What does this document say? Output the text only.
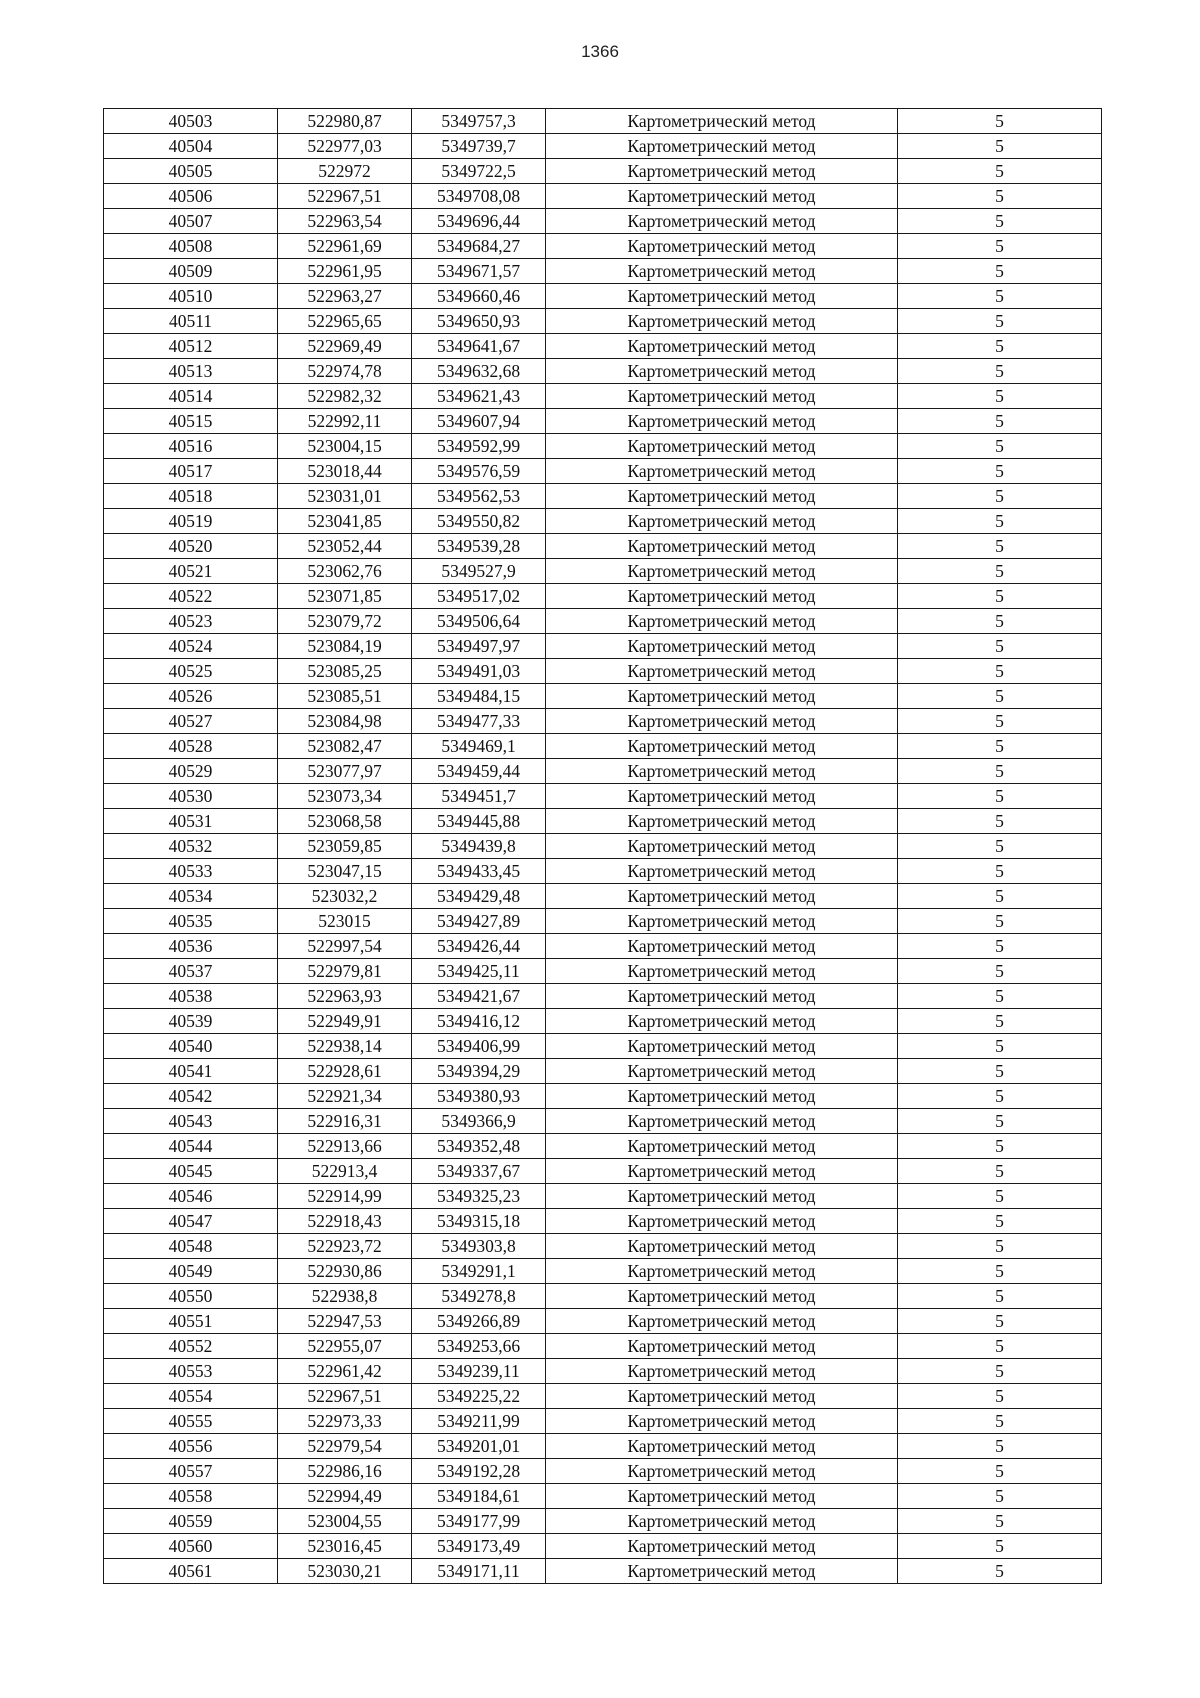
1366
40503	522980,87	5349757,3	Картометрический метод	5
40504	522977,03	5349739,7	Картометрический метод	5
40505	522972	5349722,5	Картометрический метод	5
40506	522967,51	5349708,08	Картометрический метод	5
40507	522963,54	5349696,44	Картометрический метод	5
40508	522961,69	5349684,27	Картометрический метод	5
40509	522961,95	5349671,57	Картометрический метод	5
40510	522963,27	5349660,46	Картометрический метод	5
40511	522965,65	5349650,93	Картометрический метод	5
40512	522969,49	5349641,67	Картометрический метод	5
40513	522974,78	5349632,68	Картометрический метод	5
40514	522982,32	5349621,43	Картометрический метод	5
40515	522992,11	5349607,94	Картометрический метод	5
40516	523004,15	5349592,99	Картометрический метод	5
40517	523018,44	5349576,59	Картометрический метод	5
40518	523031,01	5349562,53	Картометрический метод	5
40519	523041,85	5349550,82	Картометрический метод	5
40520	523052,44	5349539,28	Картометрический метод	5
40521	523062,76	5349527,9	Картометрический метод	5
40522	523071,85	5349517,02	Картометрический метод	5
40523	523079,72	5349506,64	Картометрический метод	5
40524	523084,19	5349497,97	Картометрический метод	5
40525	523085,25	5349491,03	Картометрический метод	5
40526	523085,51	5349484,15	Картометрический метод	5
40527	523084,98	5349477,33	Картометрический метод	5
40528	523082,47	5349469,1	Картометрический метод	5
40529	523077,97	5349459,44	Картометрический метод	5
40530	523073,34	5349451,7	Картометрический метод	5
40531	523068,58	5349445,88	Картометрический метод	5
40532	523059,85	5349439,8	Картометрический метод	5
40533	523047,15	5349433,45	Картометрический метод	5
40534	523032,2	5349429,48	Картометрический метод	5
40535	523015	5349427,89	Картометрический метод	5
40536	522997,54	5349426,44	Картометрический метод	5
40537	522979,81	5349425,11	Картометрический метод	5
40538	522963,93	5349421,67	Картометрический метод	5
40539	522949,91	5349416,12	Картометрический метод	5
40540	522938,14	5349406,99	Картометрический метод	5
40541	522928,61	5349394,29	Картометрический метод	5
40542	522921,34	5349380,93	Картометрический метод	5
40543	522916,31	5349366,9	Картометрический метод	5
40544	522913,66	5349352,48	Картометрический метод	5
40545	522913,4	5349337,67	Картометрический метод	5
40546	522914,99	5349325,23	Картометрический метод	5
40547	522918,43	5349315,18	Картометрический метод	5
40548	522923,72	5349303,8	Картометрический метод	5
40549	522930,86	5349291,1	Картометрический метод	5
40550	522938,8	5349278,8	Картометрический метод	5
40551	522947,53	5349266,89	Картометрический метод	5
40552	522955,07	5349253,66	Картометрический метод	5
40553	522961,42	5349239,11	Картометрический метод	5
40554	522967,51	5349225,22	Картометрический метод	5
40555	522973,33	5349211,99	Картометрический метод	5
40556	522979,54	5349201,01	Картометрический метод	5
40557	522986,16	5349192,28	Картометрический метод	5
40558	522994,49	5349184,61	Картометрический метод	5
40559	523004,55	5349177,99	Картометрический метод	5
40560	523016,45	5349173,49	Картометрический метод	5
40561	523030,21	5349171,11	Картометрический метод	5
